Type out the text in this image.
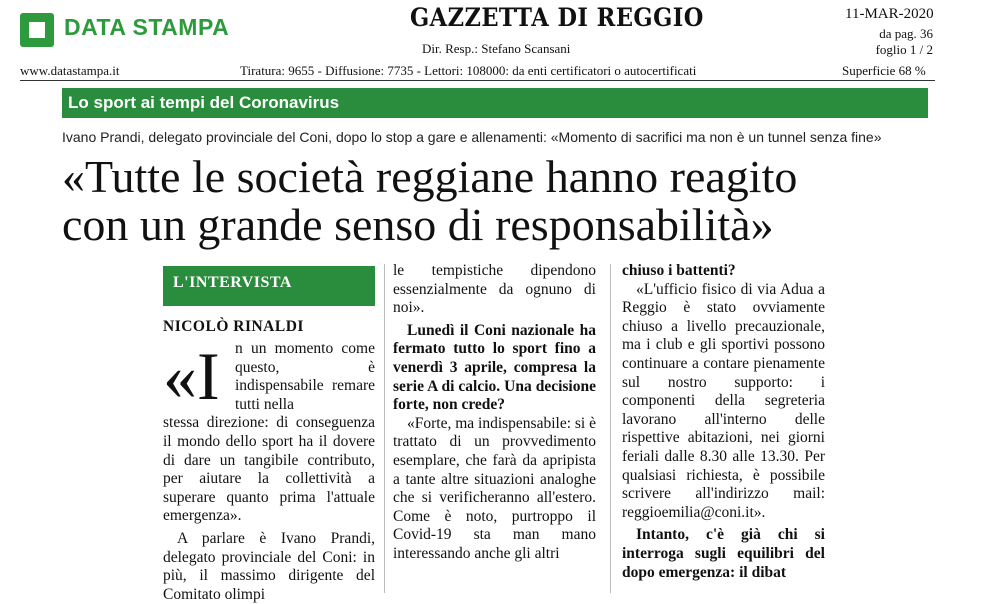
DATA STAMPA	GAZZETTA DI REGGIO
Dir. Resp.: Stefano Scansani
11-MAR-2020
da pag. 36
foglio 1 / 2
www.datastampa.it	Tiratura: 9655 - Diffusione: 7735 - Lettori: 108000: da enti certificatori o autocertificati	Superficie 68 %
Lo sport ai tempi del Coronavirus
Ivano Prandi, delegato provinciale del Coni, dopo lo stop a gare e allenamenti: «Momento di sacrifici ma non è un tunnel senza fine»
«Tutte le società reggiane hanno reagito
con un grande senso di responsabilità»
L'INTERVISTA
NICOLÒ RINALDI
«I n un momento come questo, è indispensabile remare tutti nella

stessa direzione: di conseguenza il mondo dello sport ha il dovere di dare un tangibile contributo, per aiutare la collettività a superare quanto prima l'attuale emergenza».

A parlare è Ivano Prandi, delegato provinciale del Coni: in più, il massimo dirigente del Comitato olimpi

le tempistiche dipendono essenzialmente da ognuno di noi».

Lunedì il Coni nazionale ha fermato tutto lo sport fino a venerdì 3 aprile, compresa la serie A di calcio. Una decisione forte, non crede?

«Forte, ma indispensabile: si è trattato di un provvedimento esemplare, che farà da apripista a tante altre situazioni analoghe che si verificheranno all'estero. Come è noto, purtroppo il Covid-19 sta man mano interessando anche gli altri

chiuso i battenti?

«L'ufficio fisico di via Adua a Reggio è stato ovviamente chiuso a livello precauzionale, ma i club e gli sportivi possono continuare a contare pienamente sul nostro supporto: i componenti della segreteria lavorano all'interno delle rispettive abitazioni, nei giorni feriali dalle 8.30 alle 13.30. Per qualsiasi richiesta, è possibile scrivere all'indirizzo mail: reggioemilia@coni.it».

Intanto, c'è già chi si interroga sugli equilibri del dopo emergenza: il dibat
